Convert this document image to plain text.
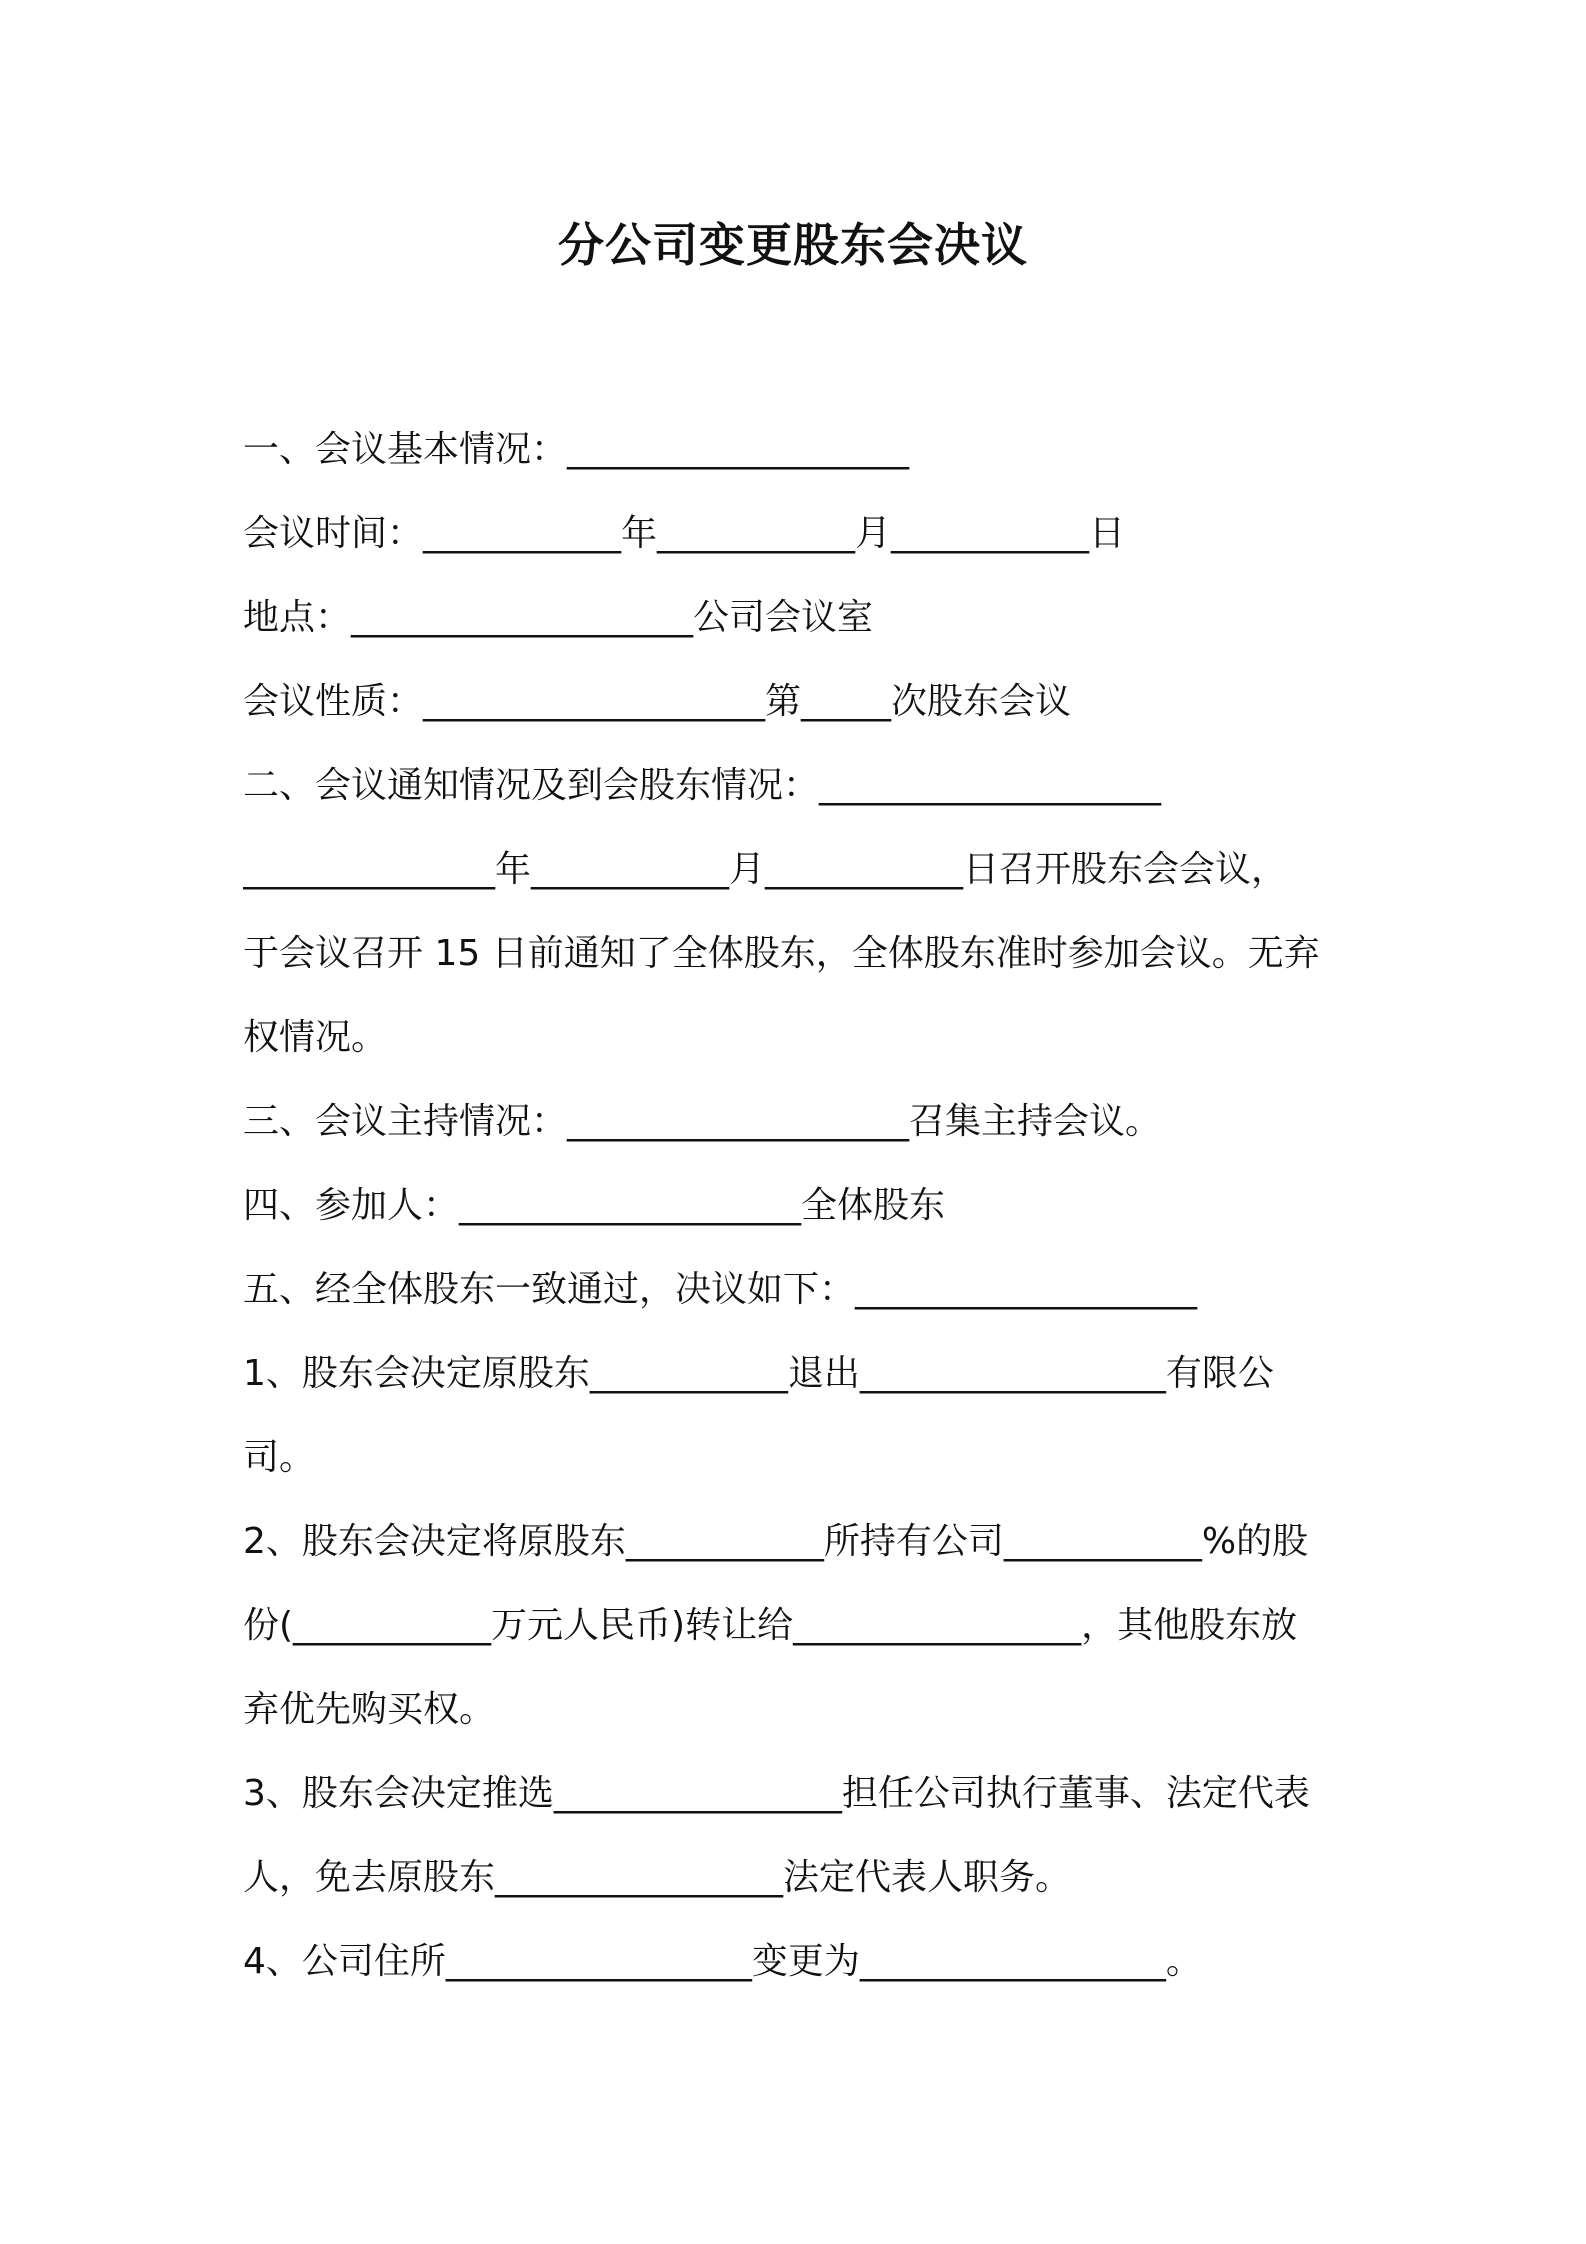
分公司变更股东会决议
一、会议基本情况：___________________
会议时间：___________年___________月___________日
地点：___________________公司会议室
会议性质：___________________第_____次股东会议
二、会议通知情况及到会股东情况：___________________
______________年___________月___________日召开股东会会议，
于会议召开 15 日前通知了全体股东，全体股东准时参加会议。无弃
权情况。
三、会议主持情况：___________________召集主持会议。
四、参加人：___________________全体股东
五、经全体股东一致通过，决议如下：___________________
1、股东会决定原股东___________退出_________________有限公
司。
2、股东会决定将原股东___________所持有公司___________%的股
份(___________万元人民币)转让给________________，其他股东放
弃优先购买权。
3、股东会决定推选________________担任公司执行董事、法定代表
人，免去原股东________________法定代表人职务。
4、公司住所_________________变更为_________________。
